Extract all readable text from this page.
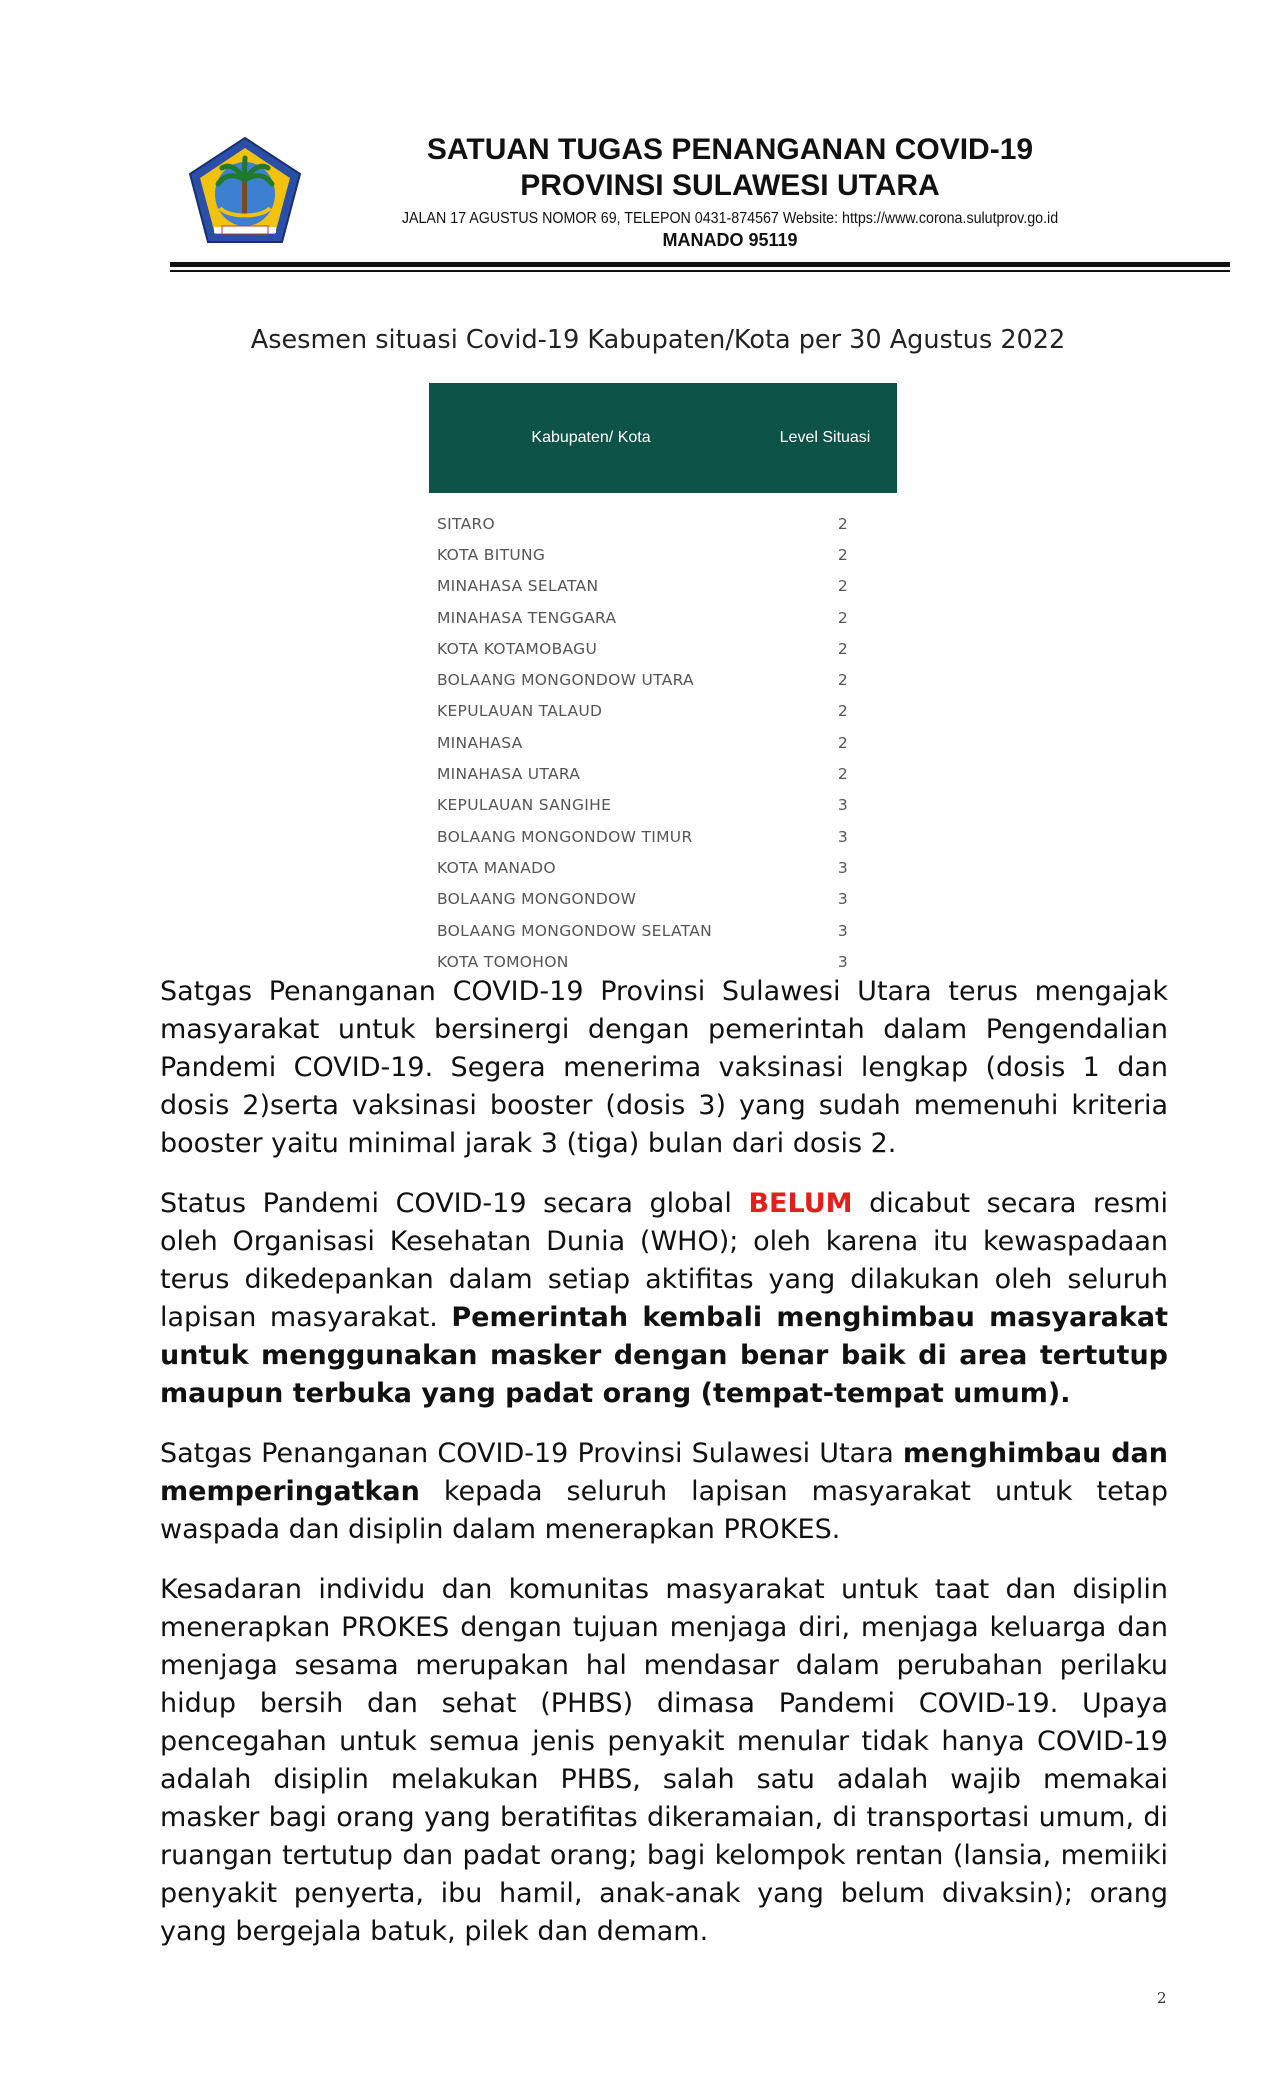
SATUAN TUGAS PENANGANAN COVID-19
PROVINSI SULAWESI UTARA
JALAN 17 AGUSTUS NOMOR 69, TELEPON 0431-874567 Website: https://www.corona.sulutprov.go.id
MANADO 95119
Asesmen situasi Covid-19 Kabupaten/Kota per 30 Agustus 2022
Kabupaten/ Kota	Level Situasi
SITARO	2
KOTA BITUNG	2
MINAHASA SELATAN	2
MINAHASA TENGGARA	2
KOTA KOTAMOBAGU	2
BOLAANG MONGONDOW UTARA	2
KEPULAUAN TALAUD	2
MINAHASA	2
MINAHASA UTARA	2
KEPULAUAN SANGIHE	3
BOLAANG MONGONDOW TIMUR	3
KOTA MANADO	3
BOLAANG MONGONDOW	3
BOLAANG MONGONDOW SELATAN	3
KOTA TOMOHON	3

Satgas Penanganan COVID-19 Provinsi Sulawesi Utara terus mengajak masyarakat untuk bersinergi dengan pemerintah dalam Pengendalian Pandemi COVID-19. Segera menerima vaksinasi lengkap (dosis 1 dan dosis 2)serta vaksinasi booster (dosis 3) yang sudah memenuhi kriteria booster yaitu minimal jarak 3 (tiga) bulan dari dosis 2.

Status Pandemi COVID-19 secara global BELUM dicabut secara resmi oleh Organisasi Kesehatan Dunia (WHO); oleh karena itu kewaspadaan terus dikedepankan dalam setiap aktifitas yang dilakukan oleh seluruh lapisan masyarakat. Pemerintah kembali menghimbau masyarakat untuk menggunakan masker dengan benar baik di area tertutup maupun terbuka yang padat orang (tempat-tempat umum).

Satgas Penanganan COVID-19 Provinsi Sulawesi Utara menghimbau dan memperingatkan kepada seluruh lapisan masyarakat untuk tetap waspada dan disiplin dalam menerapkan PROKES.

Kesadaran individu dan komunitas masyarakat untuk taat dan disiplin menerapkan PROKES dengan tujuan menjaga diri, menjaga keluarga dan menjaga sesama merupakan hal mendasar dalam perubahan perilaku hidup bersih dan sehat (PHBS) dimasa Pandemi COVID-19. Upaya pencegahan untuk semua jenis penyakit menular tidak hanya COVID-19 adalah disiplin melakukan PHBS, salah satu adalah wajib memakai masker bagi orang yang beratifitas dikeramaian, di transportasi umum, di ruangan tertutup dan padat orang; bagi kelompok rentan (lansia, memiiki penyakit penyerta, ibu hamil, anak-anak yang belum divaksin); orang yang bergejala batuk, pilek dan demam.

2
